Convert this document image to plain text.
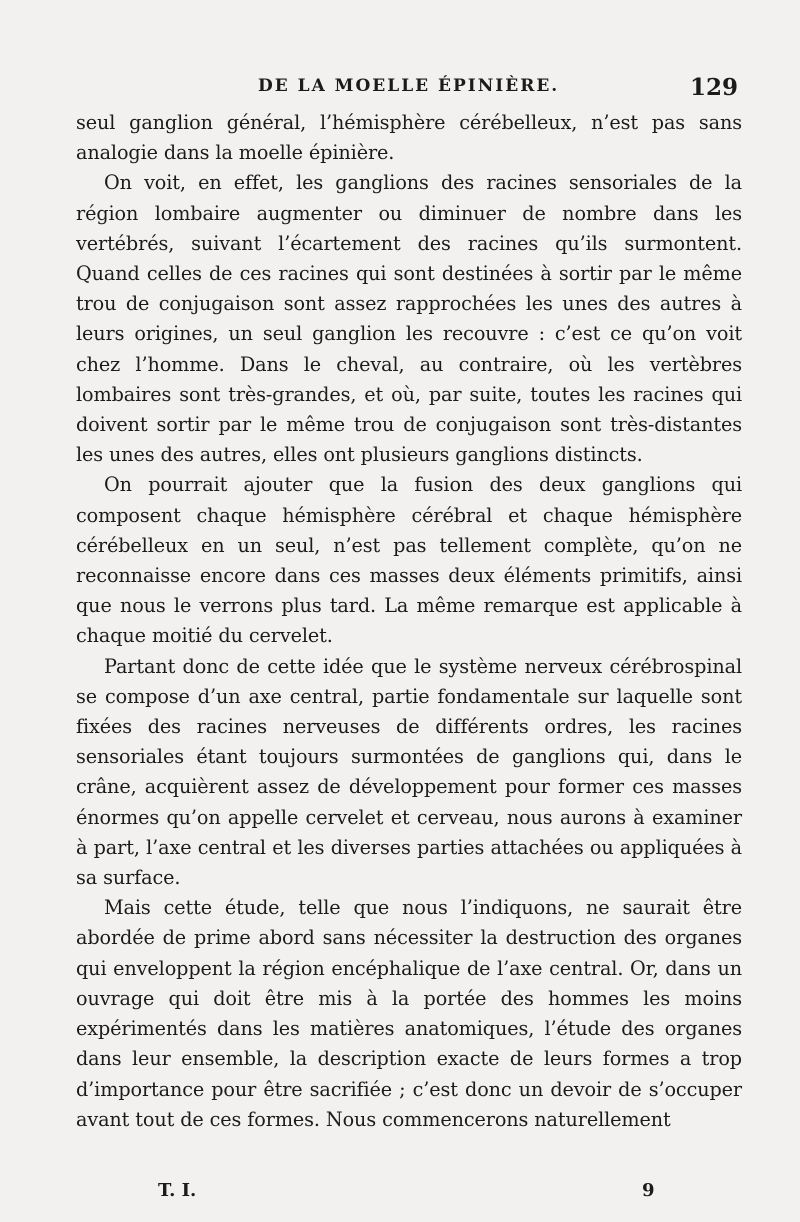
DE LA MOELLE ÉPINIÈRE.	129

seul ganglion général, l’hémisphère cérébelleux, n’est pas sans analogie dans la moelle épinière.

On voit, en effet, les ganglions des racines sensoriales de la région lombaire augmenter ou diminuer de nombre dans les vertébrés, suivant l’écartement des racines qu’ils surmontent. Quand celles de ces racines qui sont destinées à sortir par le même trou de conjugaison sont assez rapprochées les unes des autres à leurs origines, un seul ganglion les recouvre : c’est ce qu’on voit chez l’homme. Dans le cheval, au contraire, où les vertèbres lombaires sont très-grandes, et où, par suite, toutes les racines qui doivent sortir par le même trou de conjugaison sont très-distantes les unes des autres, elles ont plusieurs ganglions distincts.

On pourrait ajouter que la fusion des deux ganglions qui composent chaque hémisphère cérébral et chaque hémisphère cérébelleux en un seul, n’est pas tellement complète, qu’on ne reconnaisse encore dans ces masses deux éléments primitifs, ainsi que nous le verrons plus tard. La même remarque est applicable à chaque moitié du cervelet.

Partant donc de cette idée que le système nerveux cérébrospinal se compose d’un axe central, partie fondamentale sur laquelle sont fixées des racines nerveuses de différents ordres, les racines sensoriales étant toujours surmontées de ganglions qui, dans le crâne, acquièrent assez de développement pour former ces masses énormes qu’on appelle cervelet et cerveau, nous aurons à examiner à part, l’axe central et les diverses parties attachées ou appliquées à sa surface.

Mais cette étude, telle que nous l’indiquons, ne saurait être abordée de prime abord sans nécessiter la destruction des organes qui enveloppent la région encéphalique de l’axe central. Or, dans un ouvrage qui doit être mis à la portée des hommes les moins expérimentés dans les matières anatomiques, l’étude des organes dans leur ensemble, la description exacte de leurs formes a trop d’importance pour être sacrifiée ; c’est donc un devoir de s’occuper avant tout de ces formes. Nous commencerons naturellement

T. I.	9
